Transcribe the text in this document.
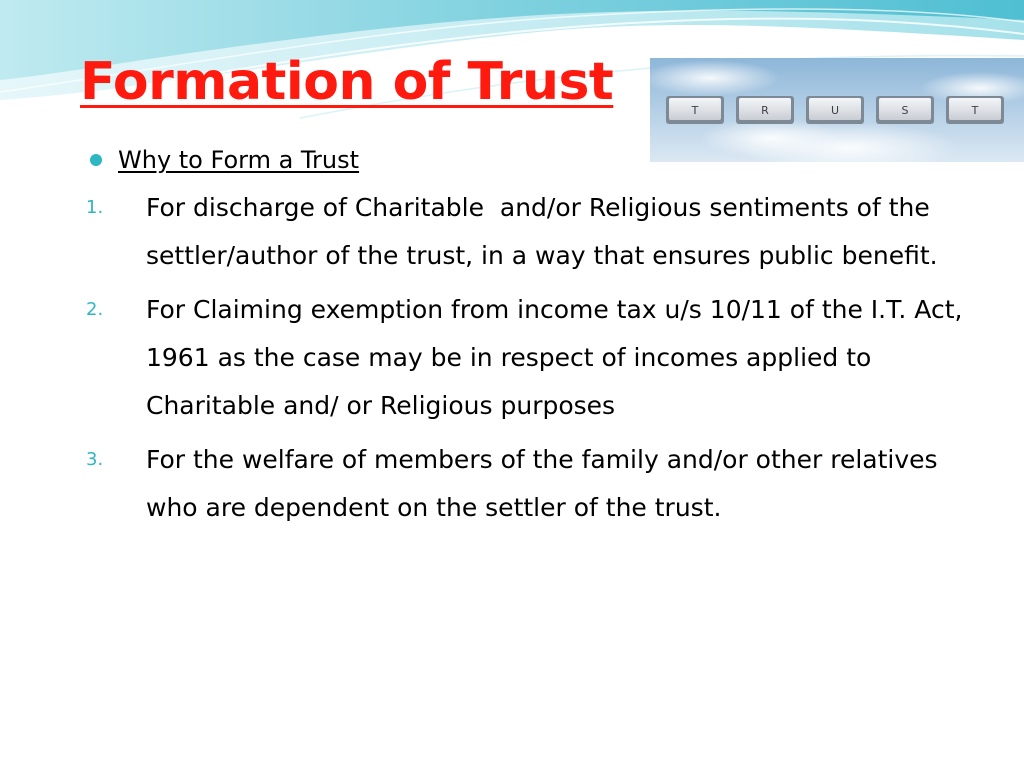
Formation of Trust	T	R	U	S	T
Why to Form a Trust
1.	For discharge of Charitable  and/or Religious sentiments of the settler/author of the trust, in a way that ensures public benefit.
2.	For Claiming exemption from income tax u/s 10/11 of the I.T. Act, 1961 as the case may be in respect of incomes applied to Charitable and/ or Religious purposes
3.	For the welfare of members of the family and/or other relatives who are dependent on the settler of the trust.
